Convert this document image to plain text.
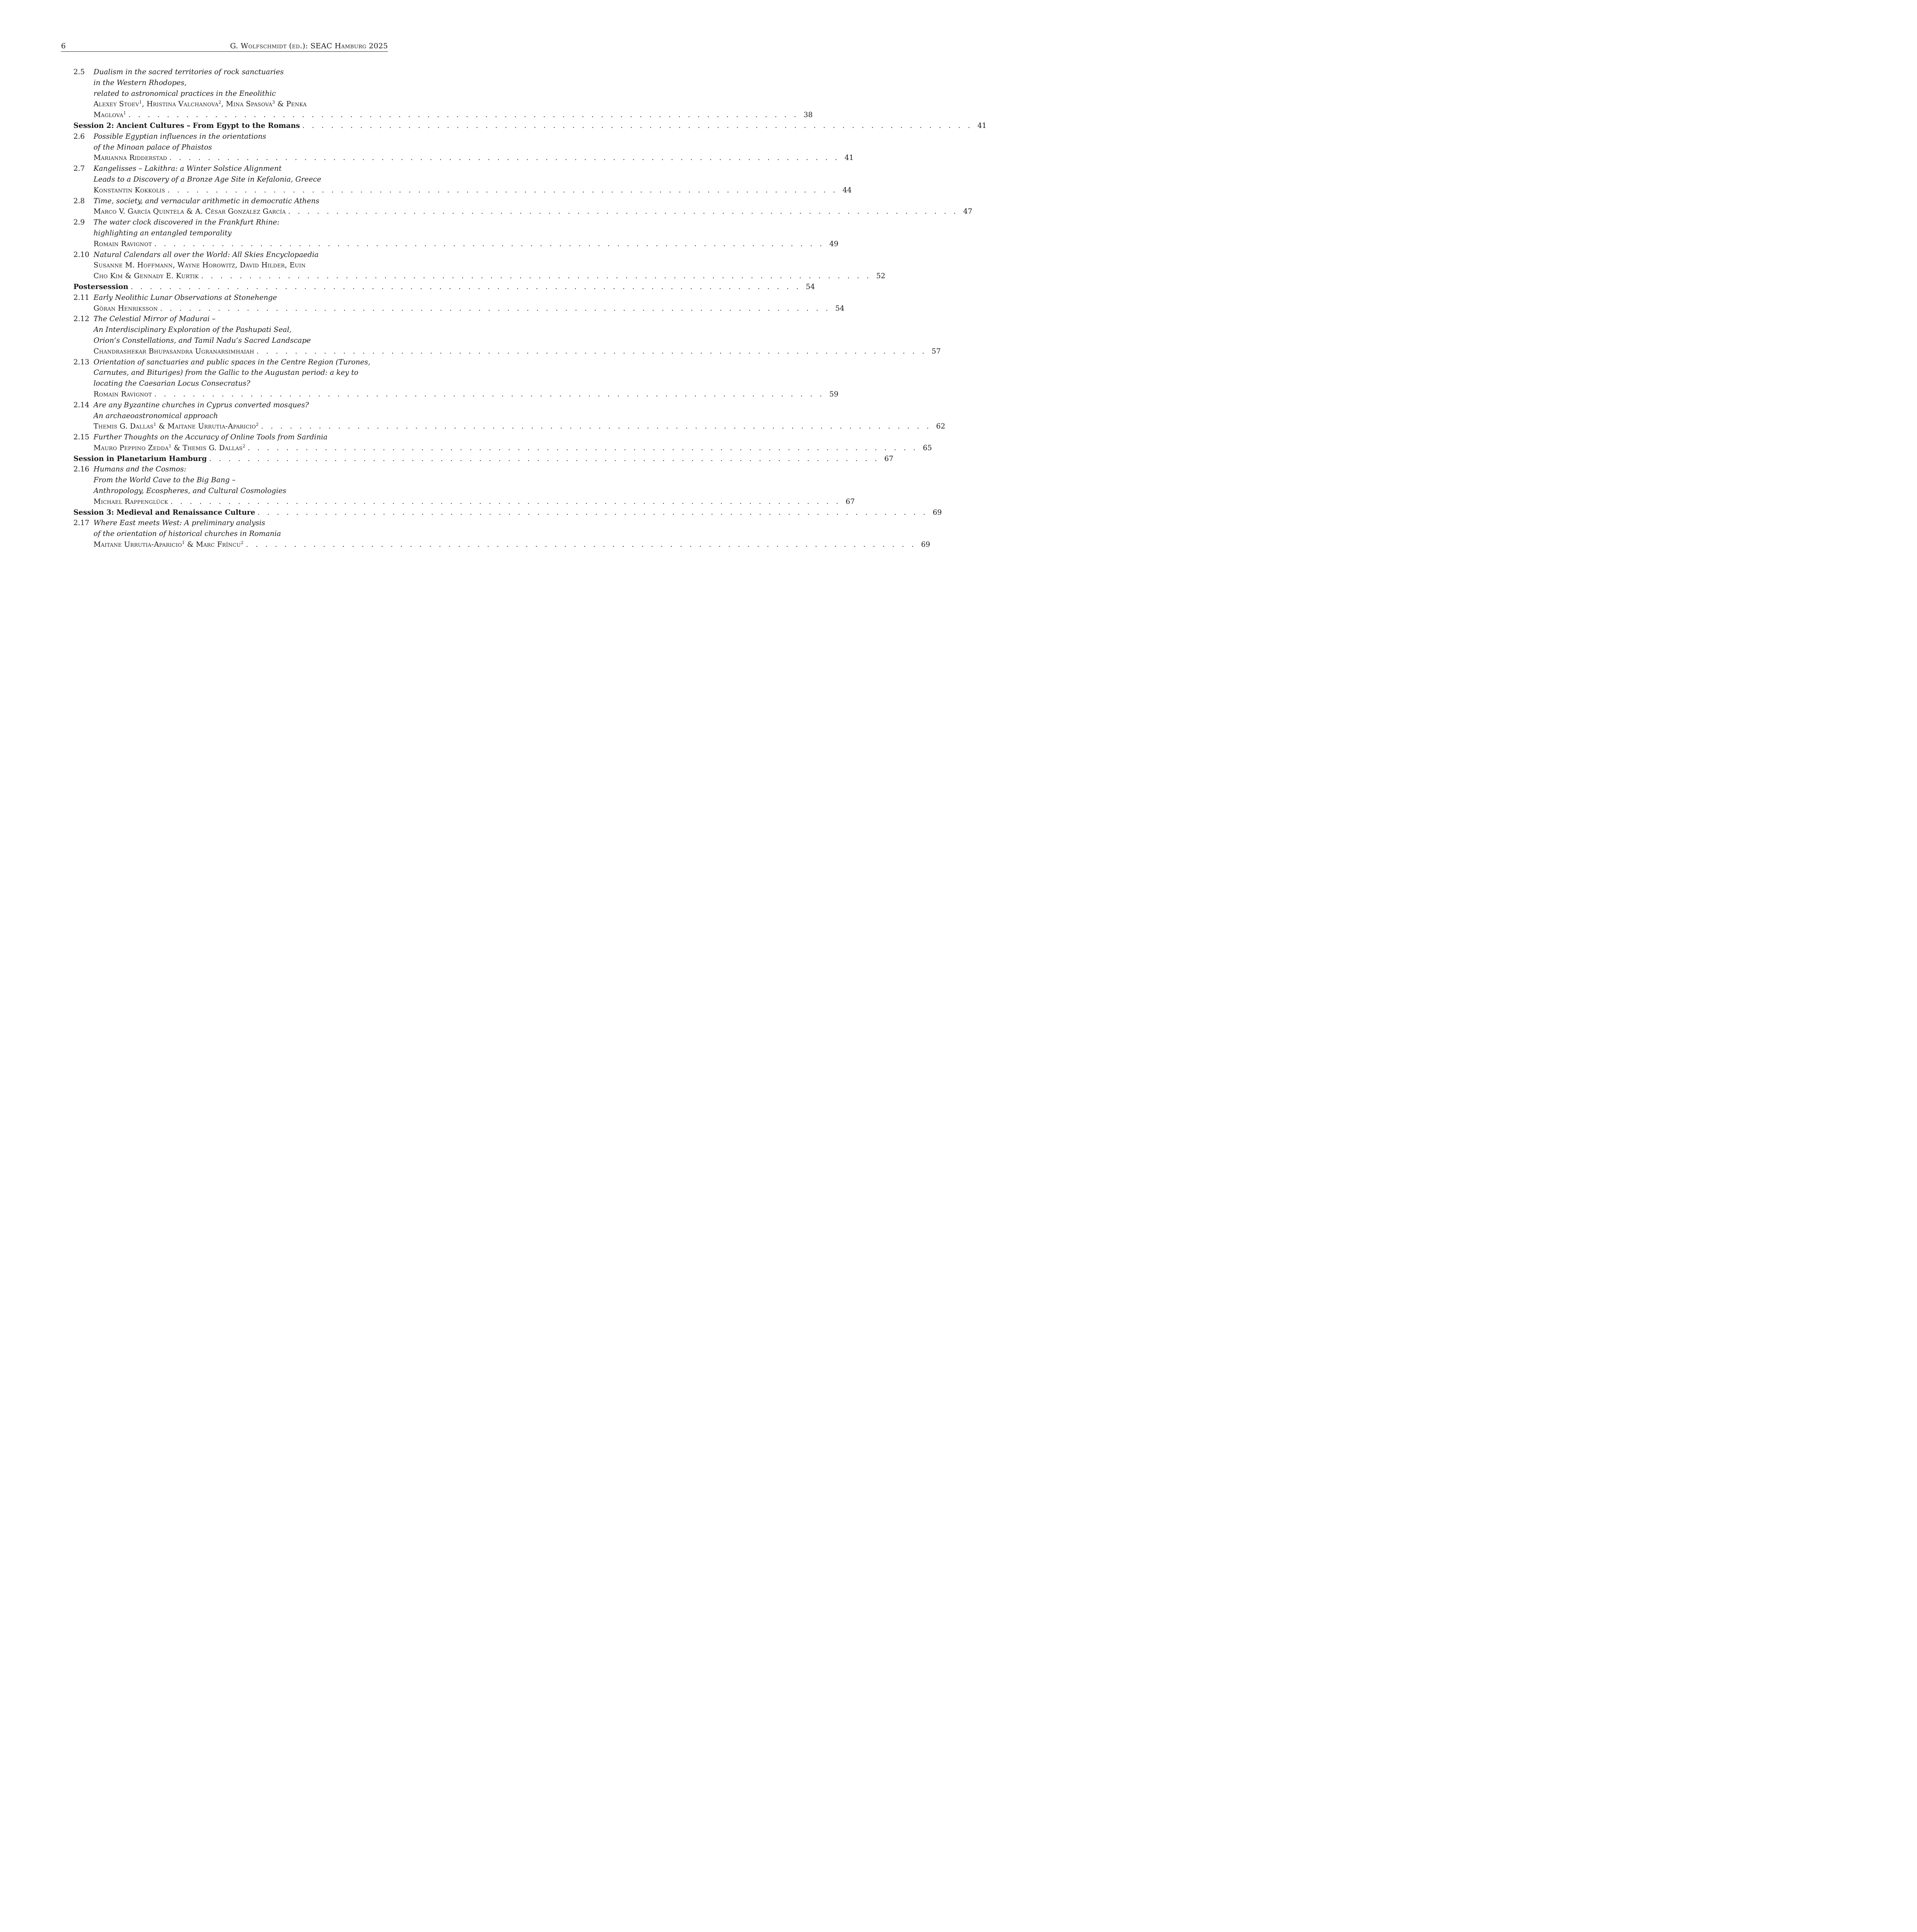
6	G. Wolfschmidt (ed.): SEAC Hamburg 2025
2.5	Dualism in the sacred territories of rock sanctuaries
in the Western Rhodopes,
related to astronomical practices in the Eneolithic
Alexey Stoev$^1$, Hristina Valchanova$^2$, Mina Spasova$^3$ & Penka
Maglova$^1$ . . . . . . . . . . . . . . . . . . . . . . . . . . . . . . . . . . . . . . . . . . . . . . . . . . . . . . . . . . . . . . . . . . . . . . 38
Session 2: Ancient Cultures – From Egypt to the Romans . . . . . . . . . . . . . . . . . . . . . . . . . . . . . . . . . . . . . . . . . . . . . . . . . . . . . . . . . . . . . . . . . . . . . . 41
2.6	Possible Egyptian influences in the orientations
of the Minoan palace of Phaistos
Marianna Ridderstad . . . . . . . . . . . . . . . . . . . . . . . . . . . . . . . . . . . . . . . . . . . . . . . . . . . . . . . . . . . . . . . . . . . . . . 41
2.7	Kangelisses – Lakithra: a Winter Solstice Alignment
Leads to a Discovery of a Bronze Age Site in Kefalonia, Greece
Konstantin Kokkolis . . . . . . . . . . . . . . . . . . . . . . . . . . . . . . . . . . . . . . . . . . . . . . . . . . . . . . . . . . . . . . . . . . . . . . 44
2.8	Time, society, and vernacular arithmetic in democratic Athens
Marco V. García Quintela & A. César González García . . . . . . . . . . . . . . . . . . . . . . . . . . . . . . . . . . . . . . . . . . . . . . . . . . . . . . . . . . . . . . . . . . . . . . 47
2.9	The water clock discovered in the Frankfurt Rhine:
highlighting an entangled temporality
Romain Ravignot . . . . . . . . . . . . . . . . . . . . . . . . . . . . . . . . . . . . . . . . . . . . . . . . . . . . . . . . . . . . . . . . . . . . . . 49
2.10 Natural Calendars all over the World: All Skies Encyclopaedia
Susanne M. Hoffmann, Wayne Horowitz, David Hilder, Euin
Cho Kim & Gennady E. Kurtik . . . . . . . . . . . . . . . . . . . . . . . . . . . . . . . . . . . . . . . . . . . . . . . . . . . . . . . . . . . . . . . . . . . . . . 52
Postersession . . . . . . . . . . . . . . . . . . . . . . . . . . . . . . . . . . . . . . . . . . . . . . . . . . . . . . . . . . . . . . . . . . . . . . 54
2.11 Early Neolithic Lunar Observations at Stonehenge
Göran Henriksson . . . . . . . . . . . . . . . . . . . . . . . . . . . . . . . . . . . . . . . . . . . . . . . . . . . . . . . . . . . . . . . . . . . . . . 54
2.12 The Celestial Mirror of Madurai –
An Interdisciplinary Exploration of the Pashupati Seal,
Orion’s Constellations, and Tamil Nadu’s Sacred Landscape
Chandrashekar Bhupasandra Ugranarsimhaiah . . . . . . . . . . . . . . . . . . . . . . . . . . . . . . . . . . . . . . . . . . . . . . . . . . . . . . . . . . . . . . . . . . . . . . 57
2.13 Orientation of sanctuaries and public spaces in the Centre Region (Turones,
Carnutes, and Bituriges) from the Gallic to the Augustan period: a key to
locating the Caesarian Locus Consecratus?
Romain Ravignot . . . . . . . . . . . . . . . . . . . . . . . . . . . . . . . . . . . . . . . . . . . . . . . . . . . . . . . . . . . . . . . . . . . . . . 59
2.14 Are any Byzantine churches in Cyprus converted mosques?
An archaeoastronomical approach
Themis G. Dallas$^1$ & Maitane Urrutia-Aparicio$^2$ . . . . . . . . . . . . . . . . . . . . . . . . . . . . . . . . . . . . . . . . . . . . . . . . . . . . . . . . . . . . . . . . . . . . . . 62
2.15 Further Thoughts on the Accuracy of Online Tools from Sardinia
Mauro Peppino Zedda$^1$ & Themis G. Dallas$^2$ . . . . . . . . . . . . . . . . . . . . . . . . . . . . . . . . . . . . . . . . . . . . . . . . . . . . . . . . . . . . . . . . . . . . . . 65
Session in Planetarium Hamburg . . . . . . . . . . . . . . . . . . . . . . . . . . . . . . . . . . . . . . . . . . . . . . . . . . . . . . . . . . . . . . . . . . . . . . 67
2.16 Humans and the Cosmos:
From the World Cave to the Big Bang –
Anthropology, Ecospheres, and Cultural Cosmologies
Michael Rappenglück . . . . . . . . . . . . . . . . . . . . . . . . . . . . . . . . . . . . . . . . . . . . . . . . . . . . . . . . . . . . . . . . . . . . . . 67
Session 3: Medieval and Renaissance Culture . . . . . . . . . . . . . . . . . . . . . . . . . . . . . . . . . . . . . . . . . . . . . . . . . . . . . . . . . . . . . . . . . . . . . . 69
2.17 Where East meets West: A preliminary analysis
of the orientation of historical churches in Romania
Maitane Urrutia-Aparicio$^1$ & Marc Frîncu$^2$ . . . . . . . . . . . . . . . . . . . . . . . . . . . . . . . . . . . . . . . . . . . . . . . . . . . . . . . . . . . . . . . . . . . . . . 69
